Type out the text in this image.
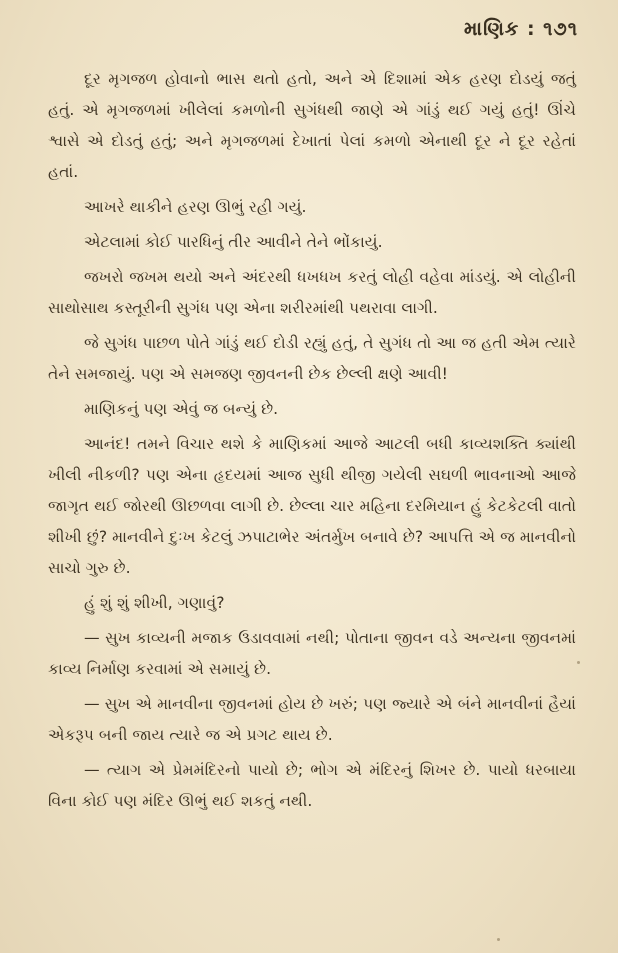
માણિક : ૧૭૧

દૂર મૃગજળ હોવાનો ભાસ થતો હતો, અને એ દિશામાં એક હરણ દોડયું જતું હતું. એ મૃગજળમાં ખીલેલાં કમળોની સુગંધથી જાણે એ ગાંડું થઈ ગયું હતું! ઊંચે શ્વાસે એ દોડતું હતું; અને મૃગજળમાં દેખાતાં પેલાં કમળો એનાથી દૂર ને દૂર રહેતાં હતાં.

આખરે થાકીને હરણ ઊભું રહી ગયું.

એટલામાં કોઈ પારધિનું તીર આવીને તેને ભોંકાયું.

જખરો જખમ થયો અને અંદરથી ધખધખ કરતું લોહી વહેવા માંડયું. એ લોહીની સાથોસાથ કસ્તૂરીની સુગંધ પણ એના શરીરમાંથી પથરાવા લાગી.

જે સુગંધ પાછળ પોતે ગાંડું થઈ દોડી રહ્યું હતું, તે સુગંધ તો આ જ હતી એમ ત્યારે તેને સમજાયું. પણ એ સમજણ જીવનની છેક છેલ્લી ક્ષણે આવી!

માણિકનું પણ એવું જ બન્યું છે.

આનંદ! તમને વિચાર થશે કે માણિકમાં આજે આટલી બધી કાવ્યશક્તિ ક્યાંથી ખીલી નીકળી? પણ એના હૃદયમાં આજ સુધી થીજી ગયેલી સઘળી ભાવનાઓ આજે જાગૃત થઈ જોરથી ઊછળવા લાગી છે. છેલ્લા ચાર મહિના દરમિયાન હું કેટકેટલી વાતો શીખી છું? માનવીને દુઃખ કેટલું ઝપાટાભેર અંતર્મુખ બનાવે છે? આપત્તિ એ જ માનવીનો સાચો ગુરુ છે.

હું શું શું શીખી, ગણાવું?

— સુખ કાવ્યની મજાક ઉડાવવામાં નથી; પોતાના જીવન વડે અન્યના જીવનમાં કાવ્ય નિર્માણ કરવામાં એ સમાયું છે.

— સુખ એ માનવીના જીવનમાં હોય છે ખરું; પણ જ્યારે એ બંને માનવીનાં હૈયાં એકરૂપ બની જાય ત્યારે જ એ પ્રગટ થાય છે.

— ત્યાગ એ પ્રેમમંદિરનો પાયો છે; ભોગ એ મંદિરનું શિખર છે. પાયો ધરબાયા વિના કોઈ પણ મંદિર ઊભું થઈ શકતું નથી.
